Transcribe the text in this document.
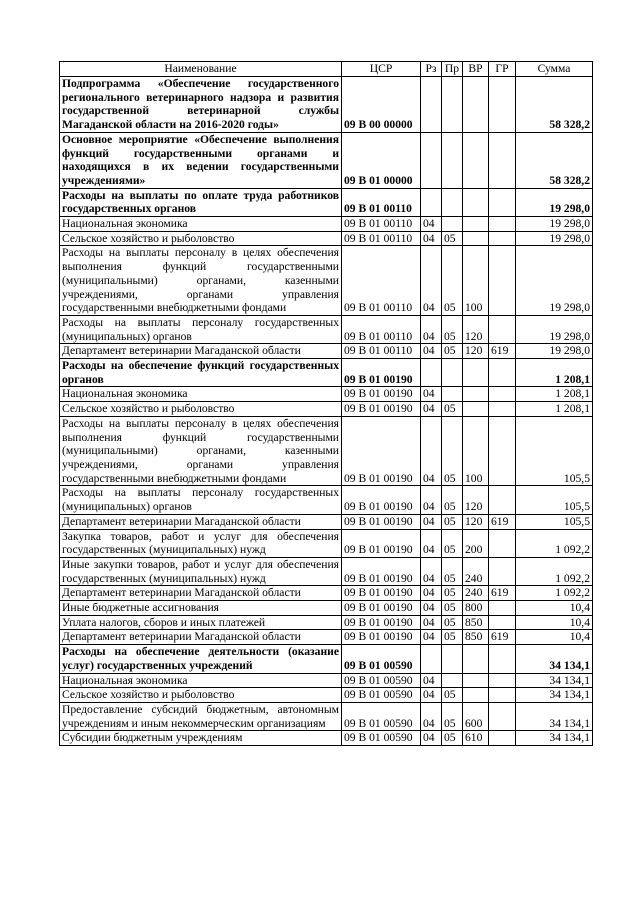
Наименование	ЦСР	Рз	Пр	ВР	ГР	Сумма
Подпрограмма «Обеспечение государственного регионального ветеринарного надзора и развития государственной ветеринарной службы Магаданской области на 2016-2020 годы»	09 В 00 00000					58 328,2
Основное мероприятие «Обеспечение выполнения функций государственными органами и находящихся в их ведении государственными учреждениями»	09 В 01 00000					58 328,2
Расходы на выплаты по оплате труда работников государственных органов	09 В 01 00110					19 298,0
Национальная экономика	09 В 01 00110	04				19 298,0
Сельское хозяйство и рыболовство	09 В 01 00110	04	05			19 298,0
Расходы на выплаты персоналу в целях обеспечения выполнения функций государственными (муниципальными) органами, казенными учреждениями, органами управления государственными внебюджетными фондами	09 В 01 00110	04	05	100		19 298,0
Расходы на выплаты персоналу государственных (муниципальных) органов	09 В 01 00110	04	05	120		19 298,0
Департамент ветеринарии Магаданской области	09 В 01 00110	04	05	120	619	19 298,0
Расходы на обеспечение функций государственных органов	09 В 01 00190					1 208,1
Национальная экономика	09 В 01 00190	04				1 208,1
Сельское хозяйство и рыболовство	09 В 01 00190	04	05			1 208,1
Расходы на выплаты персоналу в целях обеспечения выполнения функций государственными (муниципальными) органами, казенными учреждениями, органами управления государственными внебюджетными фондами	09 В 01 00190	04	05	100		105,5
Расходы на выплаты персоналу государственных (муниципальных) органов	09 В 01 00190	04	05	120		105,5
Департамент ветеринарии Магаданской области	09 В 01 00190	04	05	120	619	105,5
Закупка товаров, работ и услуг для обеспечения государственных (муниципальных) нужд	09 В 01 00190	04	05	200		1 092,2
Иные закупки товаров, работ и услуг для обеспечения государственных (муниципальных) нужд	09 В 01 00190	04	05	240		1 092,2
Департамент ветеринарии Магаданской области	09 В 01 00190	04	05	240	619	1 092,2
Иные бюджетные ассигнования	09 В 01 00190	04	05	800		10,4
Уплата налогов, сборов и иных платежей	09 В 01 00190	04	05	850		10,4
Департамент ветеринарии Магаданской области	09 В 01 00190	04	05	850	619	10,4
Расходы на обеспечение деятельности (оказание услуг) государственных учреждений	09 В 01 00590					34 134,1
Национальная экономика	09 В 01 00590	04				34 134,1
Сельское хозяйство и рыболовство	09 В 01 00590	04	05			34 134,1
Предоставление субсидий бюджетным, автономным учреждениям и иным некоммерческим организациям	09 В 01 00590	04	05	600		34 134,1
Субсидии бюджетным учреждениям	09 В 01 00590	04	05	610		34 134,1
